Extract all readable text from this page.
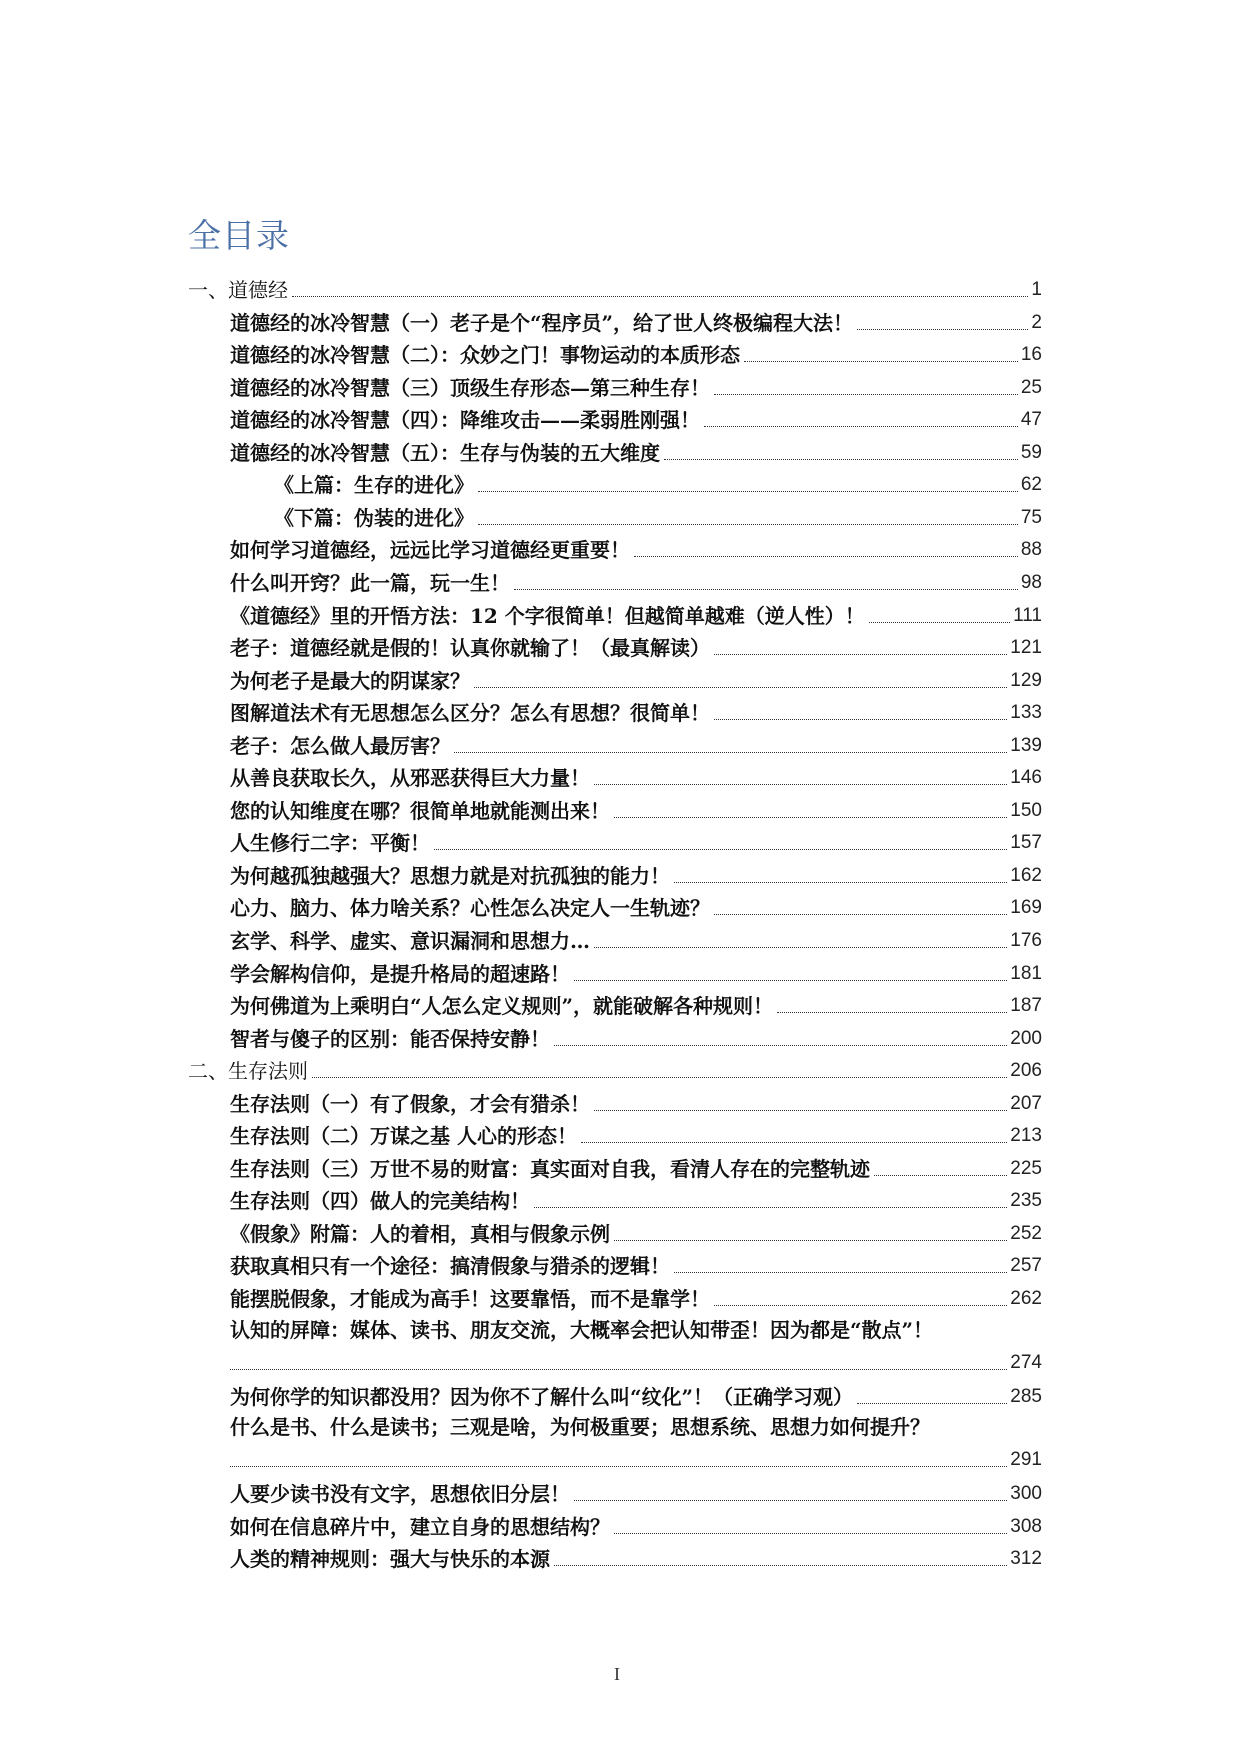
全目录
一、道德经	1
道德经的冰冷智慧（一）老子是个“程序员”，给了世人终极编程大法！	2
道德经的冰冷智慧（二）：众妙之门！事物运动的本质形态	16
道德经的冰冷智慧（三）顶级生存形态—第三种生存！	25
道德经的冰冷智慧（四）：降维攻击——柔弱胜刚强！	47
道德经的冰冷智慧（五）：生存与伪装的五大维度	59
《上篇：生存的进化》	62
《下篇：伪装的进化》	75
如何学习道德经，远远比学习道德经更重要！	88
什么叫开窍？此一篇，玩一生！	98
《道德经》里的开悟方法：12 个字很简单！但越简单越难（逆人性）！	111
老子：道德经就是假的！认真你就输了！（最真解读）	121
为何老子是最大的阴谋家？	129
图解道法术有无思想怎么区分？怎么有思想？很简单！	133
老子：怎么做人最厉害？	139
从善良获取长久，从邪恶获得巨大力量！	146
您的认知维度在哪？很简单地就能测出来！	150
人生修行二字：平衡！	157
为何越孤独越强大？思想力就是对抗孤独的能力！	162
心力、脑力、体力啥关系？心性怎么决定人一生轨迹？	169
玄学、科学、虚实、意识漏洞和思想力…	176
学会解构信仰，是提升格局的超速路！	181
为何佛道为上乘明白“人怎么定义规则”，就能破解各种规则！	187
智者与傻子的区别：能否保持安静！	200
二、生存法则	206
生存法则（一）有了假象，才会有猎杀！	207
生存法则（二）万谋之基 人心的形态！	213
生存法则（三）万世不易的财富：真实面对自我，看清人存在的完整轨迹	225
生存法则（四）做人的完美结构！	235
《假象》附篇：人的着相，真相与假象示例	252
获取真相只有一个途径：搞清假象与猎杀的逻辑！	257
能摆脱假象，才能成为高手！这要靠悟，而不是靠学！	262
认知的屏障：媒体、读书、朋友交流，大概率会把认知带歪！因为都是“散点”！
274
为何你学的知识都没用？因为你不了解什么叫“纹化”！（正确学习观）	285
什么是书、什么是读书；三观是啥，为何极重要；思想系统、思想力如何提升？
291
人要少读书没有文字，思想依旧分层！	300
如何在信息碎片中，建立自身的思想结构？	308
人类的精神规则：强大与快乐的本源	312
I
